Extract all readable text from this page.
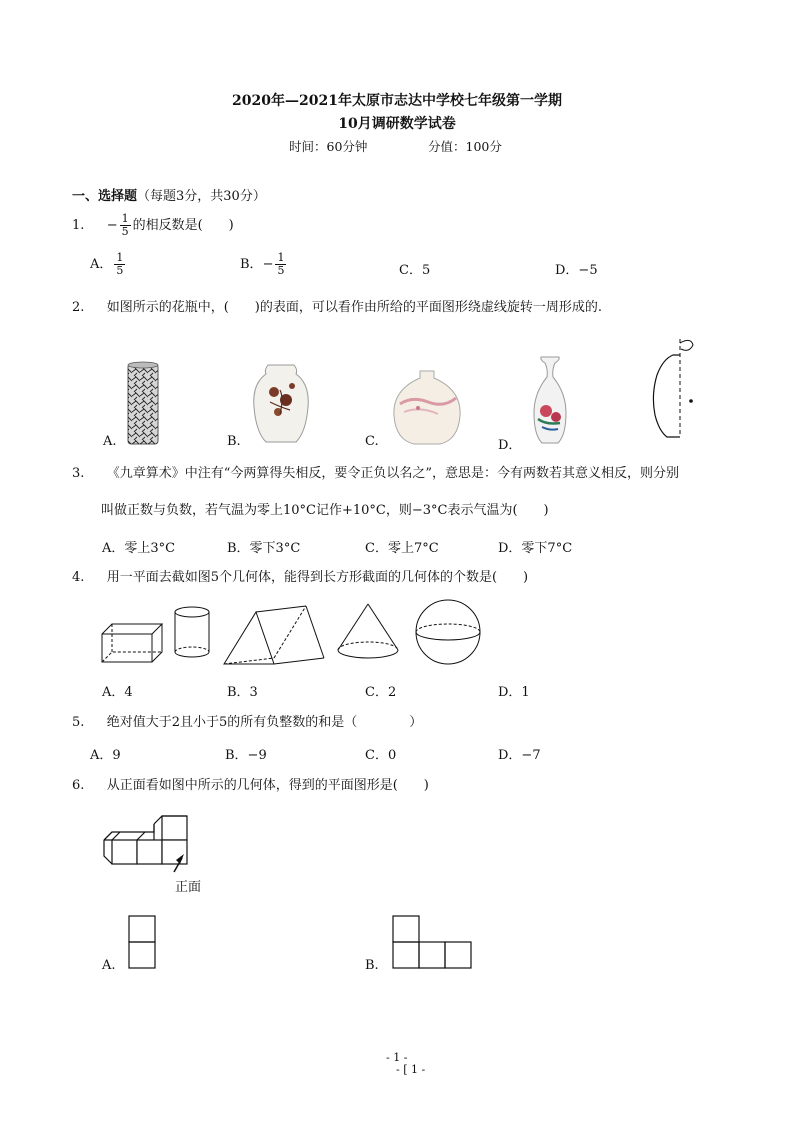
2020年—2021年太原市志达中学校七年级第一学期
10月调研数学试卷
时间：60分钟	分值：100分
一、选择题（每题3分，共30分）
1. − $\frac{1}{5}$ 的相反数是(　　)
A． $\frac{1}{5}$	B．− $\frac{1}{5}$	C．5	D．−5
2. 如图所示的花瓶中，(　　)的表面，可以看作由所给的平面图形绕虚线旋转一周形成的.
A.	B.	C.	D．
3. 《九章算术》中注有“今两算得失相反，要令正负以名之”，意思是：今有两数若其意义相反，则分别
叫做正数与负数，若气温为零上10°C记作+10°C，则−3°C表示气温为(　　)
A．零上3°C	B．零下3°C	C．零上7°C	D．零下7°C
4. 用一平面去截如图5个几何体，能得到长方形截面的几何体的个数是(　　)
A．4	B．3	C．2	D．1
5. 绝对值大于2且小于5的所有负整数的和是（　　　　）
A．9	B．−9	C．0	D．−7
6. 从正面看如图中所示的几何体，得到的平面图形是(　　)
正面
A.	B.
- 1 -
- [ 1 -
